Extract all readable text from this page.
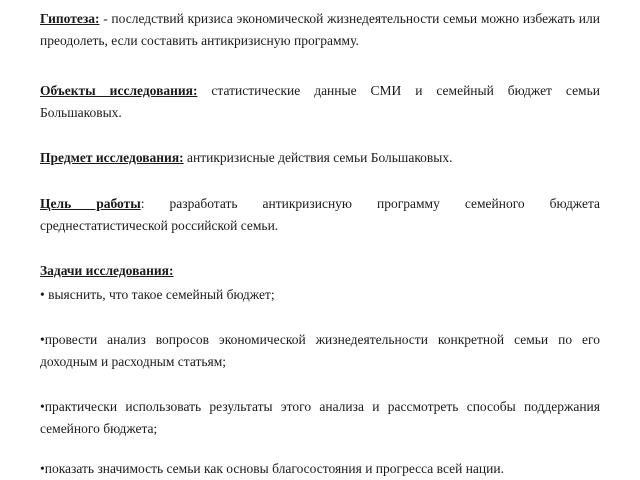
Гипотеза: - последствий кризиса экономической жизнедеятельности семьи можно избежать или преодолеть, если составить антикризисную программу.

Объекты исследования: статистические данные СМИ и семейный бюджет семьи Большаковых.

Предмет исследования: антикризисные действия семьи Большаковых.

Цель работы: разработать антикризисную программу семейного бюджета среднестатистической российской семьи.

Задачи исследования:

• выяснить, что такое семейный бюджет;

•провести анализ вопросов экономической жизнедеятельности конкретной семьи по его доходным и расходным статьям;

•практически использовать результаты этого анализа и рассмотреть способы поддержания семейного бюджета;

•показать значимость семьи как основы благосостояния и прогресса всей нации.
